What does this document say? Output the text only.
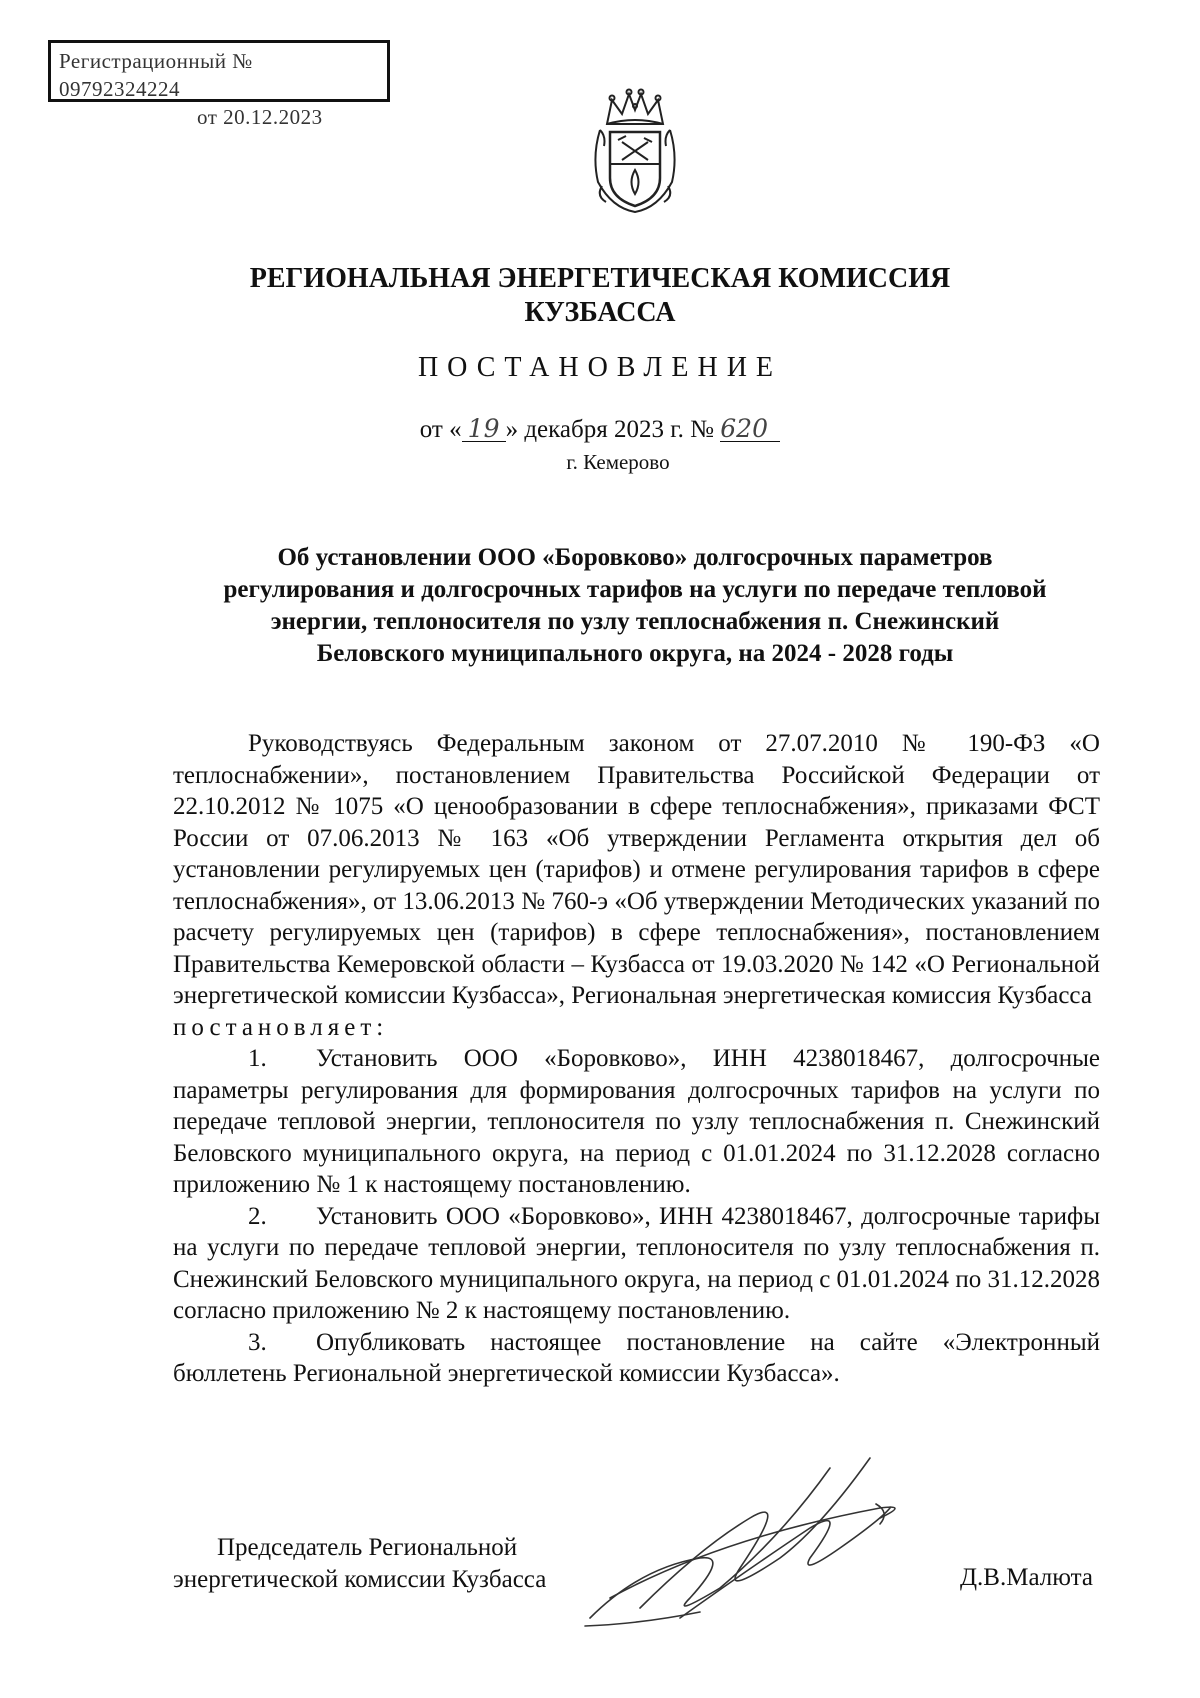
Регистрационный № 09792324224
от 20.12.2023
РЕГИОНАЛЬНАЯ ЭНЕРГЕТИЧЕСКАЯ КОМИССИЯ
КУЗБАССА
ПОСТАНОВЛЕНИЕ
от « 19 » декабря 2023 г. № 620
г. Кемерово
Об установлении ООО «Боровково» долгосрочных параметров
регулирования и долгосрочных тарифов на услуги по передаче тепловой
энергии, теплоносителя по узлу теплоснабжения п. Снежинский
Беловского муниципального округа, на 2024 - 2028 годы

Руководствуясь Федеральным законом от 27.07.2010 № 190-ФЗ «О теплоснабжении», постановлением Правительства Российской Федерации от 22.10.2012 № 1075 «О ценообразовании в сфере теплоснабжения», приказами ФСТ России от 07.06.2013 № 163 «Об утверждении Регламента открытия дел об установлении регулируемых цен (тарифов) и отмене регулирования тарифов в сфере теплоснабжения», от 13.06.2013 № 760-э «Об утверждении Методических указаний по расчету регулируемых цен (тарифов) в сфере теплоснабжения», постановлением Правительства Кемеровской области – Кузбасса от 19.03.2020 № 142 «О Региональной энергетической комиссии Кузбасса», Региональная энергетическая комиссия Кузбасса

постановляет:

1. Установить ООО «Боровково», ИНН 4238018467, долгосрочные параметры регулирования для формирования долгосрочных тарифов на услуги по передаче тепловой энергии, теплоносителя по узлу теплоснабжения п. Снежинский Беловского муниципального округа, на период с 01.01.2024 по 31.12.2028 согласно приложению № 1 к настоящему постановлению.

2. Установить ООО «Боровково», ИНН 4238018467, долгосрочные тарифы на услуги по передаче тепловой энергии, теплоносителя по узлу теплоснабжения п. Снежинский Беловского муниципального округа, на период с 01.01.2024 по 31.12.2028 согласно приложению № 2 к настоящему постановлению.

3. Опубликовать настоящее постановление на сайте «Электронный бюллетень Региональной энергетической комиссии Кузбасса».

Председатель Региональной
энергетической комиссии Кузбасса	Д.В.Малюта
